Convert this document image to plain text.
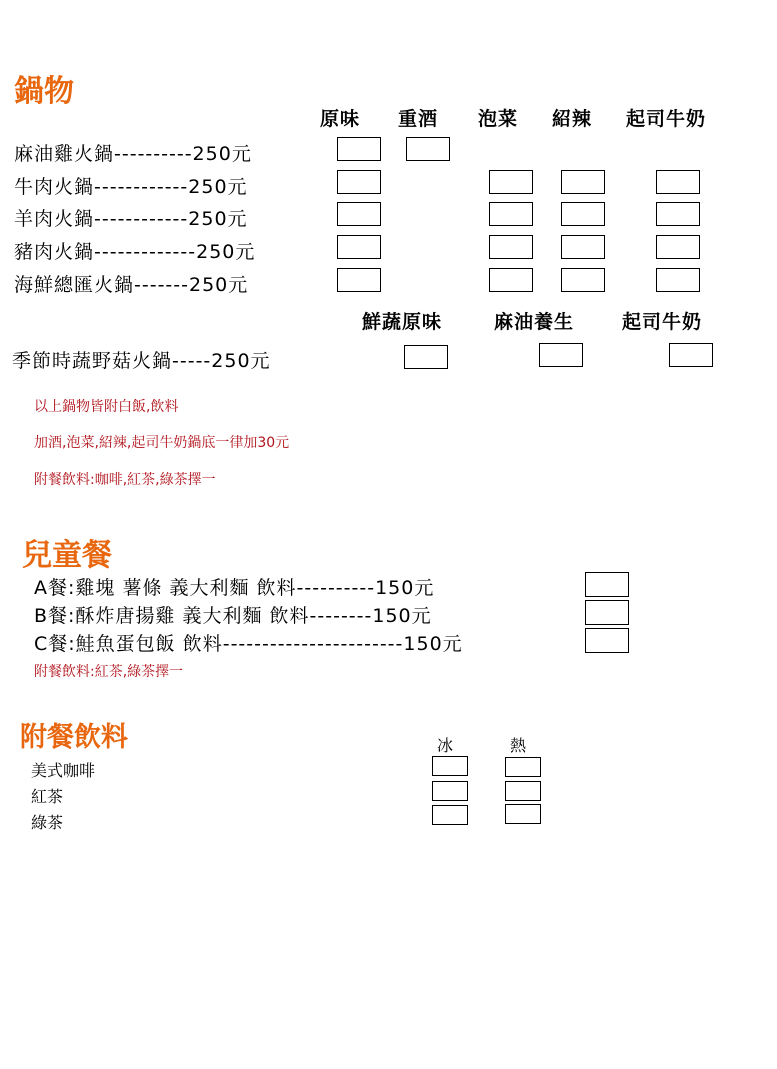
鍋物
原味 重酒 泡菜 紹辣 起司牛奶
麻油雞火鍋----------250元
牛肉火鍋------------250元
羊肉火鍋------------250元
豬肉火鍋-------------250元
海鮮總匯火鍋-------250元
鮮蔬原味	麻油養生	起司牛奶
季節時蔬野菇火鍋-----250元
以上鍋物皆附白飯,飲料
加酒,泡菜,紹辣,起司牛奶鍋底一律加30元
附餐飲料:咖啡,紅茶,綠茶擇一
兒童餐
A餐:雞塊 薯條 義大利麵 飲料----------150元
B餐:酥炸唐揚雞 義大利麵 飲料--------150元
C餐:鮭魚蛋包飯 飲料-----------------------150元
附餐飲料:紅茶,綠茶擇一
附餐飲料	冰	熱
美式咖啡
紅茶
綠茶
